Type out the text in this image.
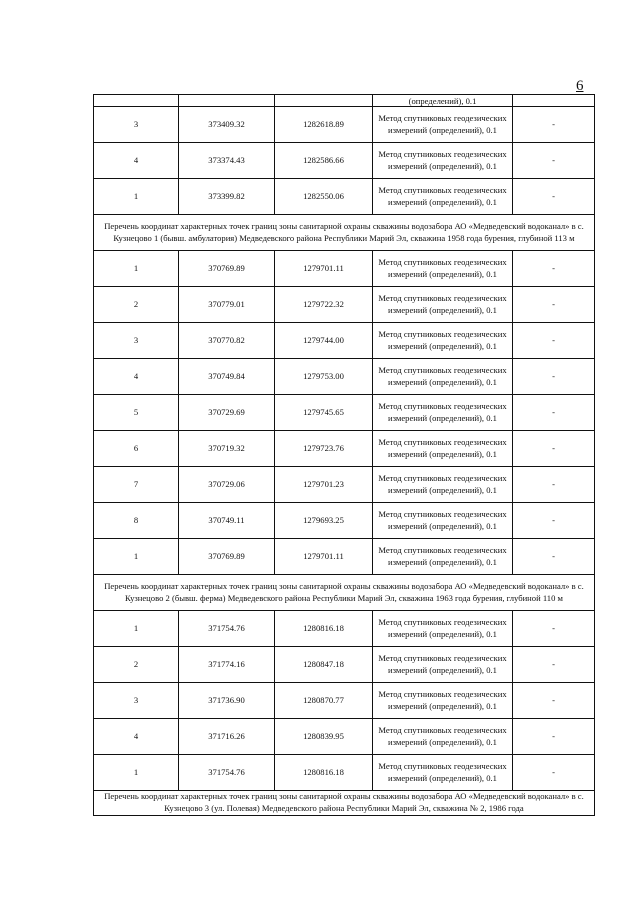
6
			(определений), 0.1	
3	373409.32	1282618.89	Метод спутниковых геодезических измерений (определений), 0.1	-
4	373374.43	1282586.66	Метод спутниковых геодезических измерений (определений), 0.1	-
1	373399.82	1282550.06	Метод спутниковых геодезических измерений (определений), 0.1	-
Перечень координат характерных точек границ зоны санитарной охраны скважины водозабора АО «Медведевский водоканал» в с. Кузнецово 1 (бывш. амбулатория) Медведевского района Республики Марий Эл, скважина 1958 года бурения, глубиной 113 м				
1	370769.89	1279701.11	Метод спутниковых геодезических измерений (определений), 0.1	-
2	370779.01	1279722.32	Метод спутниковых геодезических измерений (определений), 0.1	-
3	370770.82	1279744.00	Метод спутниковых геодезических измерений (определений), 0.1	-
4	370749.84	1279753.00	Метод спутниковых геодезических измерений (определений), 0.1	-
5	370729.69	1279745.65	Метод спутниковых геодезических измерений (определений), 0.1	-
6	370719.32	1279723.76	Метод спутниковых геодезических измерений (определений), 0.1	-
7	370729.06	1279701.23	Метод спутниковых геодезических измерений (определений), 0.1	-
8	370749.11	1279693.25	Метод спутниковых геодезических измерений (определений), 0.1	-
1	370769.89	1279701.11	Метод спутниковых геодезических измерений (определений), 0.1	-
Перечень координат характерных точек границ зоны санитарной охраны скважины водозабора АО «Медведевский водоканал» в с. Кузнецово 2 (бывш. ферма) Медведевского района Республики Марий Эл, скважина 1963 года бурения, глубиной 110 м				
1	371754.76	1280816.18	Метод спутниковых геодезических измерений (определений), 0.1	-
2	371774.16	1280847.18	Метод спутниковых геодезических измерений (определений), 0.1	-
3	371736.90	1280870.77	Метод спутниковых геодезических измерений (определений), 0.1	-
4	371716.26	1280839.95	Метод спутниковых геодезических измерений (определений), 0.1	-
1	371754.76	1280816.18	Метод спутниковых геодезических измерений (определений), 0.1	-
Перечень координат характерных точек границ зоны санитарной охраны скважины водозабора АО «Медведевский водоканал» в с. Кузнецово 3 (ул. Полевая) Медведевского района Республики Марий Эл, скважина № 2, 1986 года				
